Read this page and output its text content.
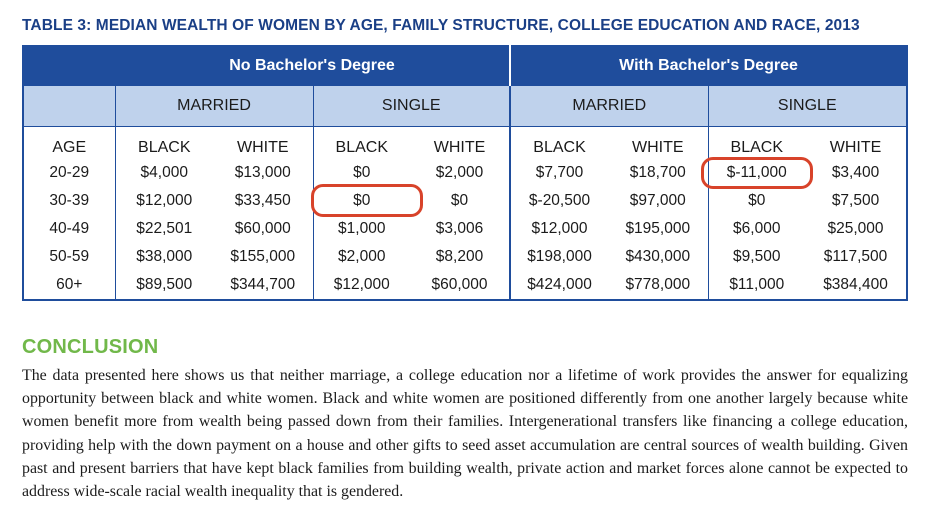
TABLE 3: MEDIAN WEALTH OF WOMEN BY AGE, FAMILY STRUCTURE, COLLEGE EDUCATION AND RACE, 2013
	No Bachelor's Degree				With Bachelor's Degree			
	MARRIED		SINGLE		MARRIED		SINGLE	
AGE	BLACK	WHITE	BLACK	WHITE	BLACK	WHITE	BLACK	WHITE
20-29	$4,000	$13,000	$0	$2,000	$7,700	$18,700	$-11,000	$3,400
30-39	$12,000	$33,450	$0	$0	$-20,500	$97,000	$0	$7,500
40-49	$22,501	$60,000	$1,000	$3,006	$12,000	$195,000	$6,000	$25,000
50-59	$38,000	$155,000	$2,000	$8,200	$198,000	$430,000	$9,500	$117,500
60+	$89,500	$344,700	$12,000	$60,000	$424,000	$778,000	$11,000	$384,400
CONCLUSION

The data presented here shows us that neither marriage, a college education nor a lifetime of work provides the answer for equalizing opportunity between black and white women. Black and white women are positioned differently from one another largely because white women benefit more from wealth being passed down from their families. Intergenerational transfers like financing a college education, providing help with the down payment on a house and other gifts to seed asset accumulation are central sources of wealth building. Given past and present barriers that have kept black families from building wealth, private action and market forces alone cannot be expected to address wide-scale racial wealth inequality that is gendered.
